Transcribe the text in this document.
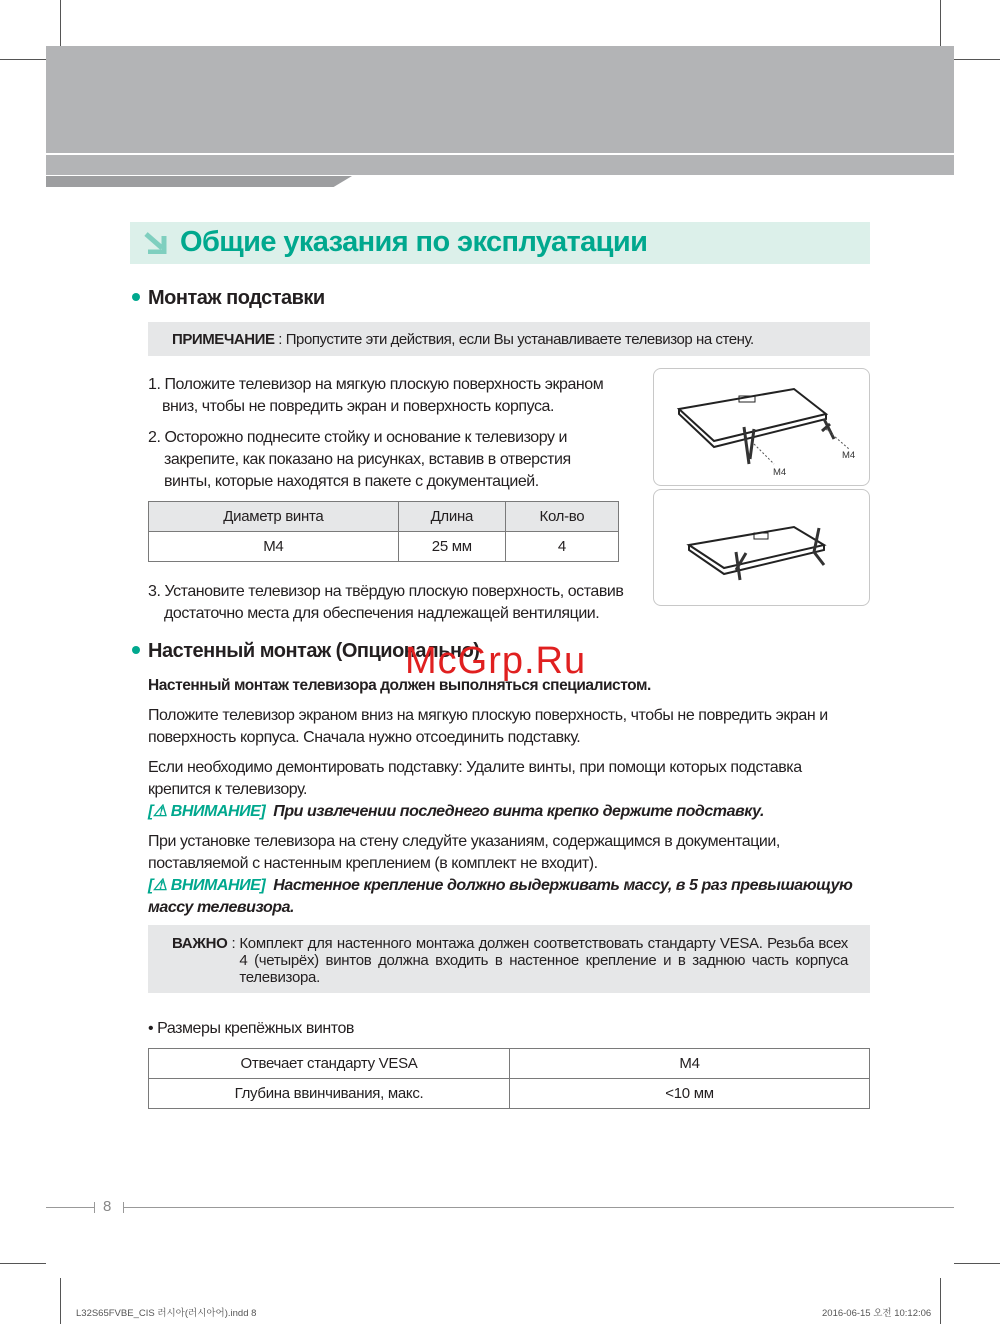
Общие указания по эксплуатации
Монтаж подставки
ПРИМЕЧАНИЕ : Пропустите эти действия, если Вы устанавливаете телевизор на стену.
1. Положите телевизор на мягкую плоскую поверхность экраном
вниз, чтобы не повредить экран и поверхность корпуса.
2. Осторожно поднесите стойку и основание к телевизору и
закрепите, как показано на рисунках, вставив в отверстия
винты, которые находятся в пакете с документацией.
Диаметр винта	Длина	Кол-во
M4	25 мм	4
3. Установите телевизор на твёрдую плоскую поверхность, оставив
достаточно места для обеспечения надлежащей вентиляции.
M4
M4
Настенный монтаж (Опционально)
McGrp.Ru
Настенный монтаж телевизора должен выполняться специалистом.
Положите телевизор экраном вниз на мягкую плоскую поверхность, чтобы не повредить экран и
поверхность корпуса. Сначала нужно отсоединить подставку.
Если необходимо демонтировать подставку: Удалите винты, при помощи которых подставка
крепится к телевизору.
[⚠ ВНИМАНИЕ] При извлечении последнего винта крепко держите подставку.
При установке телевизора на стену следуйте указаниям, содержащимся в документации,
поставляемой с настенным креплением (в комплект не входит).
[⚠ ВНИМАНИЕ] Настенное крепление должно выдерживать массу, в 5 раз превышающую
массу телевизора.
ВАЖНО : Комплект для настенного монтажа должен соответствовать стандарту VESA. Резьба всех 4 (четырёх) винтов должна входить в настенное крепление и в заднюю часть корпуса телевизора.
• Размеры крепёжных винтов
Отвечает стандарту VESA	M4
Глубина ввинчивания, макс.	<10 мм
8
L32S65FVBE_CIS 러시아(러시아어).indd 8	2016-06-15 오전 10:12:06
